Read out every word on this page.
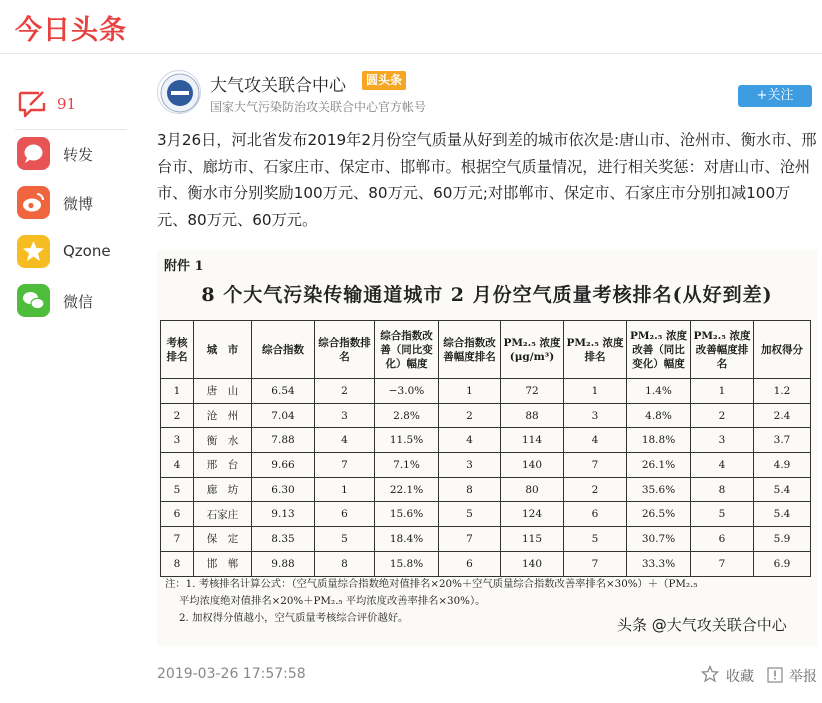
今日头条
91
转发
微博
Qzone
微信
大气攻关联合中心	圆头条
国家大气污染防治攻关联合中心官方帐号
+关注
3月26日，河北省发布2019年2月份空气质量从好到差的城市依次是:唐山市、沧州市、衡水市、邢台市、廊坊市、石家庄市、保定市、邯郸市。根据空气质量情况，进行相关奖惩：对唐山市、沧州市、衡水市分别奖励100万元、80万元、60万元;对邯郸市、保定市、石家庄市分别扣减100万元、80万元、60万元。
附件 1
8 个大气污染传输通道城市 2 月份空气质量考核排名(从好到差)
考核排名	城　市	综合指数	综合指数排名	综合指数改善（同比变化）幅度	综合指数改善幅度排名	PM₂.₅ 浓度(μg/m³)	PM₂.₅ 浓度排名	PM₂.₅ 浓度改善（同比变化）幅度	PM₂.₅ 浓度改善幅度排名	加权得分
1	唐　山	6.54	2	−3.0%	1	72	1	1.4%	1	1.2
2	沧　州	7.04	3	2.8%	2	88	3	4.8%	2	2.4
3	衡　水	7.88	4	11.5%	4	114	4	18.8%	3	3.7
4	邢　台	9.66	7	7.1%	3	140	7	26.1%	4	4.9
5	廊　坊	6.30	1	22.1%	8	80	2	35.6%	8	5.4
6	石家庄	9.13	6	15.6%	5	124	6	26.5%	5	5.4
7	保　定	8.35	5	18.4%	7	115	5	30.7%	6	5.9
8	邯　郸	9.88	8	15.8%	6	140	7	33.3%	7	6.9
注：1. 考核排名计算公式：（空气质量综合指数绝对值排名×20%＋空气质量综合指数改善率排名×30%）＋（PM₂.₅
平均浓度绝对值排名×20%＋PM₂.₅ 平均浓度改善率排名×30%）。
2. 加权得分值越小，空气质量考核综合评价越好。	头条 @大气攻关联合中心
2019-03-26 17:57:58	收藏	举报
